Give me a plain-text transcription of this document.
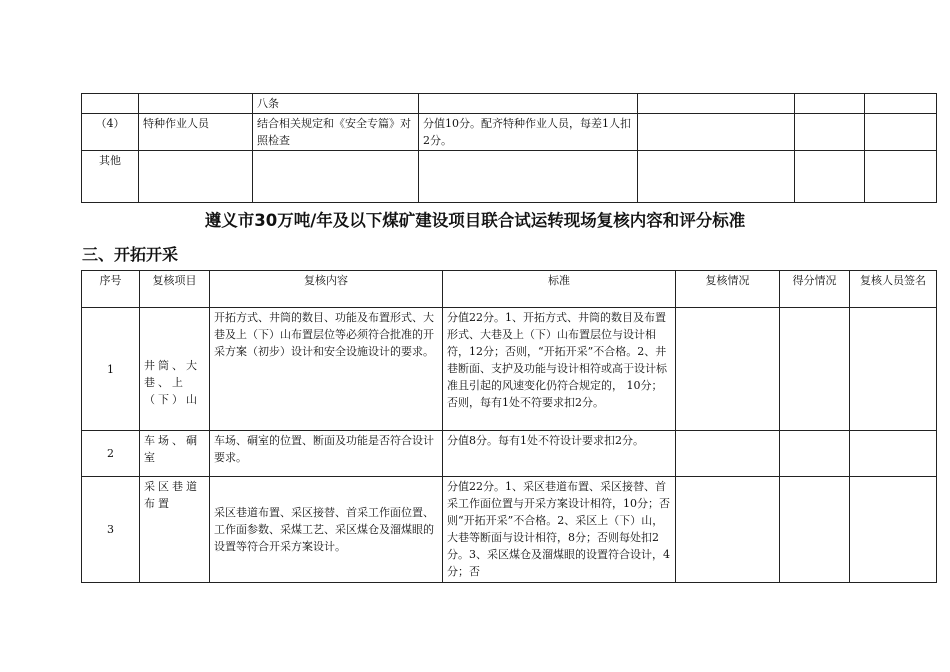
		八条				
（4）	特种作业人员	结合相关规定和《安全专篇》对照检查	分值10分。配齐特种作业人员，每差1人扣2分。			
其他						
遵义市30万吨/年及以下煤矿建设项目联合试运转现场复核内容和评分标准
三、开拓开采
序号	复核项目	复核内容	标准	复核情况	得分情况	复核人员签名
1	井筒、大巷、上（下）山	开拓方式、井筒的数目、功能及布置形式、大巷及上（下）山布置层位等必须符合批准的开采方案（初步）设计和安全设施设计的要求。	分值22分。1、开拓方式、井筒的数目及布置形式、大巷及上（下）山布置层位与设计相符，12分；否则，“开拓开采”不合格。2、井巷断面、支护及功能与设计相符或高于设计标准且引起的风速变化仍符合规定的， 10分；否则，每有1处不符要求扣2分。			
2	车场、硐室	车场、硐室的位置、断面及功能是否符合设计要求。	分值8分。每有1处不符设计要求扣2分。			
3	采区巷道布置	采区巷道布置、采区接替、首采工作面位置、工作面参数、采煤工艺、采区煤仓及溜煤眼的设置等符合开采方案设计。	分值22分。1、采区巷道布置、采区接替、首采工作面位置与开采方案设计相符，10分；否则“开拓开采”不合格。2、采区上（下）山，大巷等断面与设计相符，8分；否则每处扣2分。3、采区煤仓及溜煤眼的设置符合设计，4分；否			
